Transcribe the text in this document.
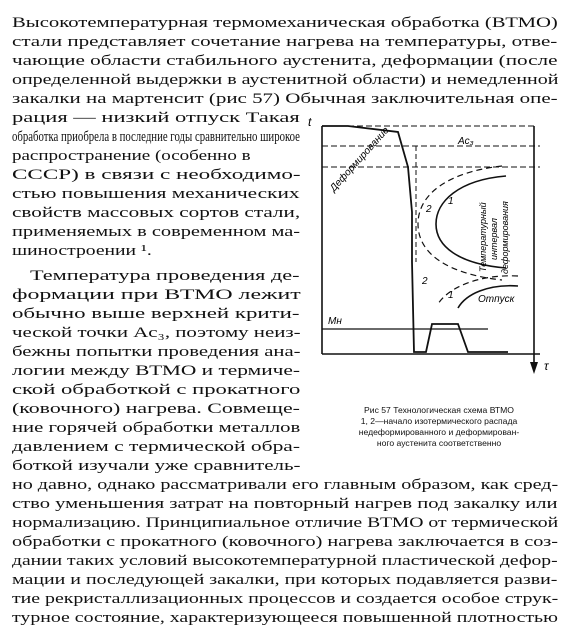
Высокотемпературная термомеханическая обработка (ВТМО)
стали представляет сочетание нагрева на температуры, отве-
чающие области стабильного аустенита, деформации (после
определенной выдержки в аустенитной области) и немедленной
закалки на мартенсит (рис 57) Обычная заключительная опе-
рация — низкий отпуск Такая
обработка приобрела в последние годы сравнительно широкое
распространение (особенно в
СССР) в связи с необходимо-
стью повышения механических
свойств массовых сортов стали,
применяемых в современном ма-
шиностроении ¹.
Температура проведения де-
формации при ВТМО лежит
обычно выше верхней крити-
ческой точки Ac₃, поэтому неиз-
бежны попытки проведения ана-
логии между ВТМО и термиче-
ской обработкой с прокатного
(ковочного) нагрева. Совмеще-
ние горячей обработки металлов
давлением с термической обра-
боткой изучали уже сравнитель-
но давно, однако рассматривали его главным образом, как сред-
ство уменьшения затрат на повторный нагрев под закалку или
нормализацию. Принципиальное отличие ВТМО от термической
обработки с прокатного (ковочного) нагрева заключается в соз-
дании таких условий высокотемпературной пластической дефор-
мации и последующей закалки, при которых подавляется разви-
тие рекристаллизационных процессов и создается особое струк-
турное состояние, характеризующееся повышенной плотностью
t
τ
Ac₃
Mн
Деформирование
Температурный интервал деформирования
Отпуск
1
2
1
2
Рис 57 Технологическая схема ВТМО
1, 2—начало изотермического распада
недеформированного и деформирован-
ного аустенита соответственно
